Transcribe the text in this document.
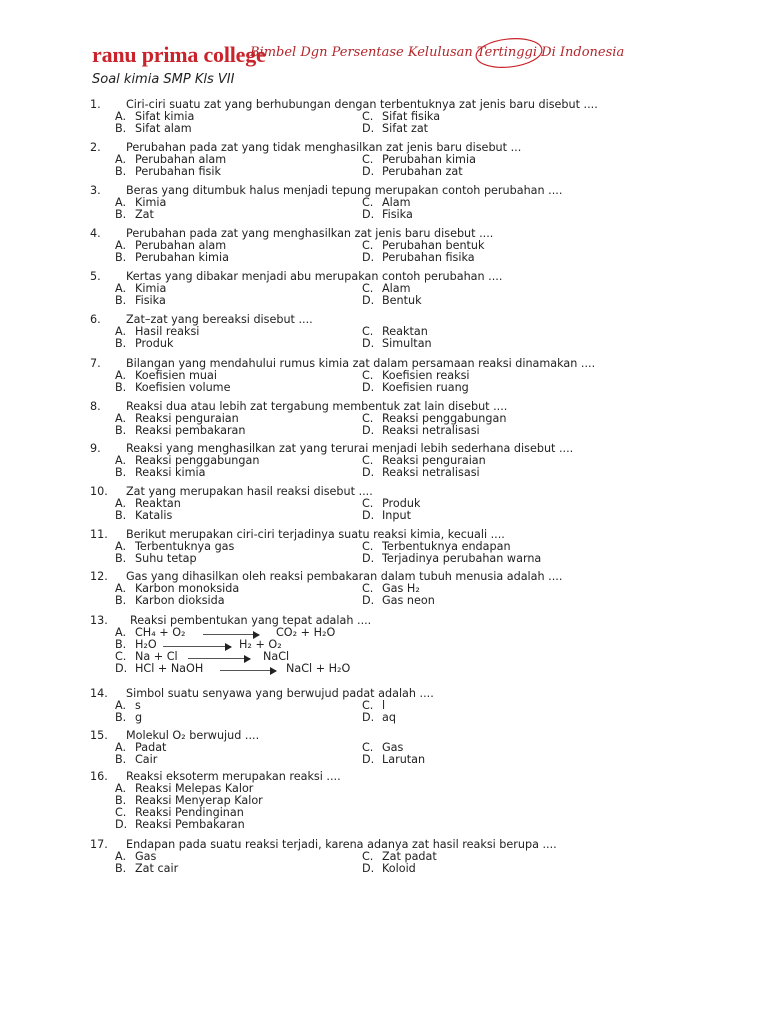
ranu prima college
Bimbel Dgn Persentase Kelulusan Tertinggi Di Indonesia
Soal kimia SMP Kls VII
1. Ciri-ciri suatu zat yang berhubungan dengan terbentuknya zat jenis baru disebut ....
A. Sifat kimia	C. Sifat fisika
B. Sifat alam	D. Sifat zat
2. Perubahan pada zat yang tidak menghasilkan zat jenis baru disebut ...
A. Perubahan alam	C. Perubahan kimia
B. Perubahan fisik	D. Perubahan zat
3. Beras yang ditumbuk halus menjadi tepung merupakan contoh perubahan ....
A. Kimia	C. Alam
B. Zat	D. Fisika
4. Perubahan pada zat yang menghasilkan zat jenis baru disebut ....
A. Perubahan alam	C. Perubahan bentuk
B. Perubahan kimia	D. Perubahan fisika
5. Kertas yang dibakar menjadi abu merupakan contoh perubahan ....
A. Kimia	C. Alam
B. Fisika	D. Bentuk
6. Zat–zat yang bereaksi disebut ....
A. Hasil reaksi	C. Reaktan
B. Produk	D. Simultan
7. Bilangan yang mendahului rumus kimia zat dalam persamaan reaksi dinamakan ....
A. Koefisien muai	C. Koefisien reaksi
B. Koefisien volume	D. Koefisien ruang
8. Reaksi dua atau lebih zat tergabung membentuk zat lain disebut ....
A. Reaksi penguraian	C. Reaksi penggabungan
B. Reaksi pembakaran	D. Reaksi netralisasi
9. Reaksi yang menghasilkan zat yang terurai menjadi lebih sederhana disebut ....
A. Reaksi penggabungan	C. Reaksi penguraian
B. Reaksi kimia	D. Reaksi netralisasi
10. Zat yang merupakan hasil reaksi disebut ....
A. Reaktan	C. Produk
B. Katalis	D. Input
11. Berikut merupakan ciri-ciri terjadinya suatu reaksi kimia, kecuali ....
A. Terbentuknya gas	C. Terbentuknya endapan
B. Suhu tetap	D. Terjadinya perubahan warna
12. Gas yang dihasilkan oleh reaksi pembakaran dalam tubuh menusia adalah ....
A. Karbon monoksida	C. Gas H₂
B. Karbon dioksida	D. Gas neon
13. Reaksi pembentukan yang tepat adalah ....
A. CH₄ + O₂	CO₂ + H₂O
B. H₂O	H₂ + O₂
C. Na + Cl	NaCl
D. HCl + NaOH	NaCl + H₂O
14. Simbol suatu senyawa yang berwujud padat adalah ....
A. s	C. l
B. g	D. aq
15. Molekul O₂ berwujud ....
A. Padat	C. Gas
B. Cair	D. Larutan
16. Reaksi eksoterm merupakan reaksi ....
A. Reaksi Melepas Kalor
B. Reaksi Menyerap Kalor
C. Reaksi Pendinginan
D. Reaksi Pembakaran
17. Endapan pada suatu reaksi terjadi, karena adanya zat hasil reaksi berupa ....
A. Gas	C. Zat padat
B. Zat cair	D. Koloid
